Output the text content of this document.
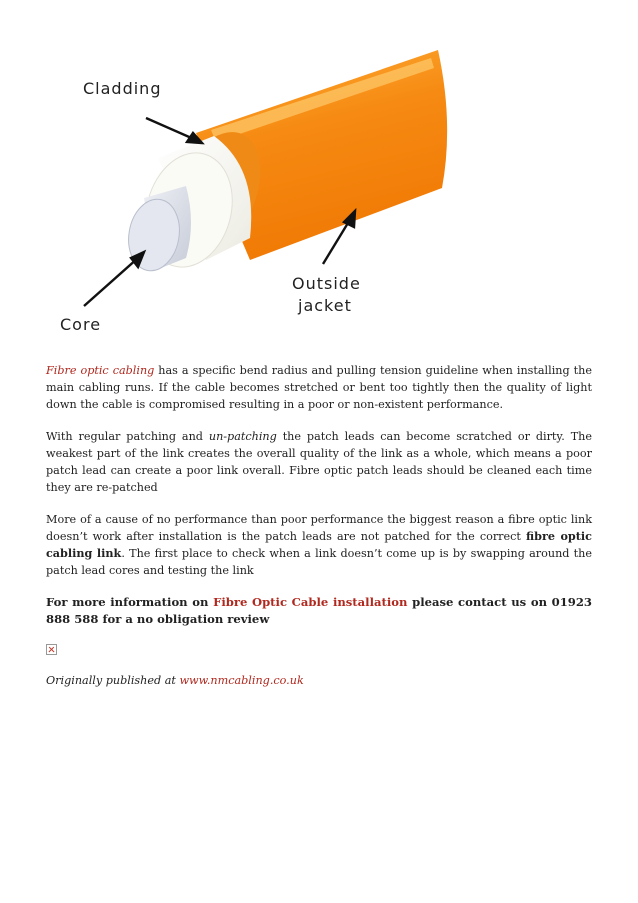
Cladding
Core
Outside
jacket

Fibre optic cabling has a specific bend radius and pulling tension guideline when installing the main cabling runs. If the cable becomes stretched or bent too tightly then the quality of light down the cable is compromised resulting in a poor or non-existent performance.

With regular patching and un-patching the patch leads can become scratched or dirty. The weakest part of the link creates the overall quality of the link as a whole, which means a poor patch lead can create a poor link overall. Fibre optic patch leads should be cleaned each time they are re-patched

More of a cause of no performance than poor performance the biggest reason a fibre optic link doesn’t work after installation is the patch leads are not patched for the correct fibre optic cabling link. The first place to check when a link doesn’t come up is by swapping around the patch lead cores and testing the link

For more information on Fibre Optic Cable installation please contact us on 01923 888 588 for a no obligation review

Originally published at www.nmcabling.co.uk
